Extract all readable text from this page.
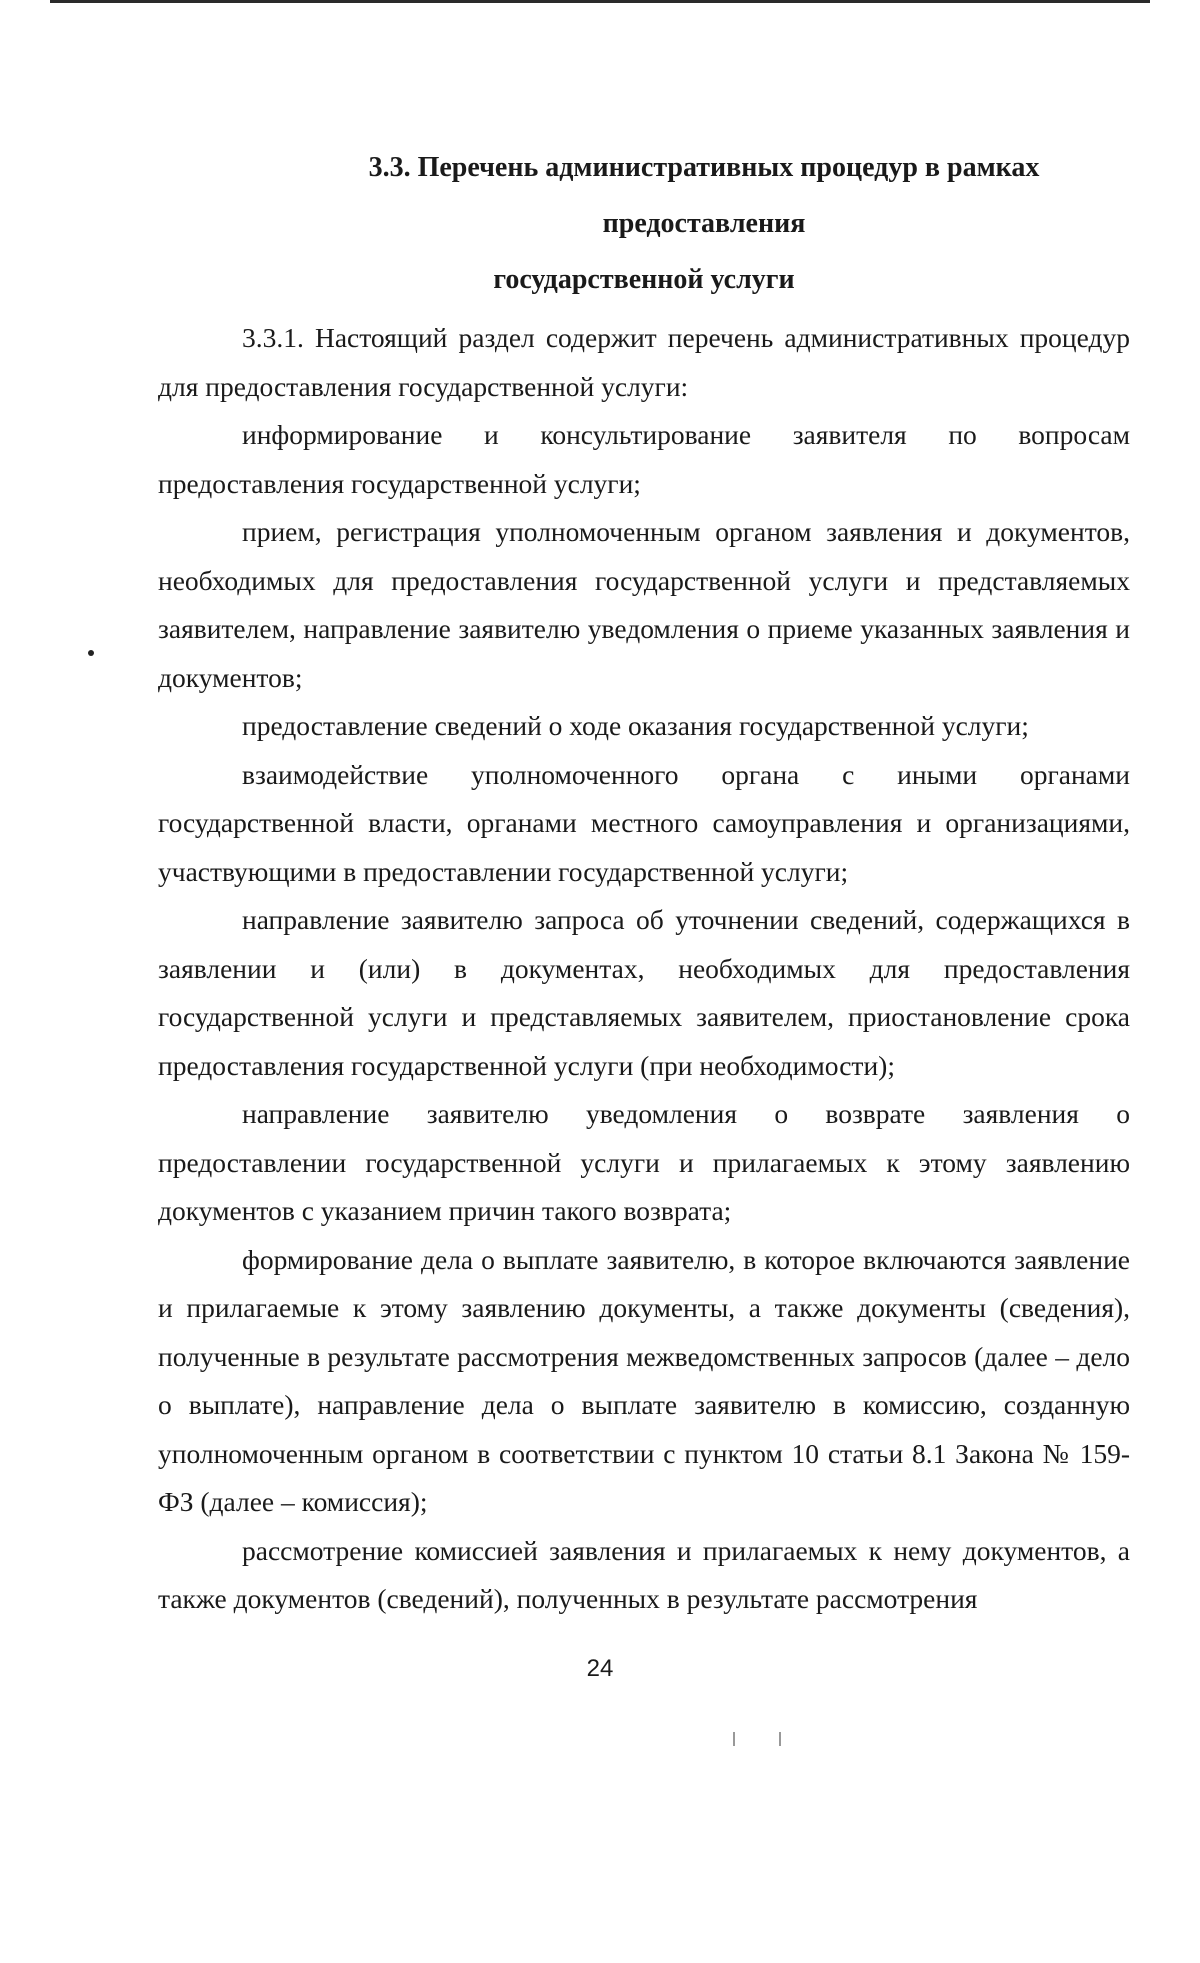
3.3. Перечень административных процедур в рамках предоставления
государственной услуги

3.3.1. Настоящий раздел содержит перечень административных процедур для предоставления государственной услуги:

информирование и консультирование заявителя по вопросам предоставления государственной услуги;

прием, регистрация уполномоченным органом заявления и документов, необходимых для предоставления государственной услуги и представляемых заявителем, направление заявителю уведомления о приеме указанных заявления и документов;

предоставление сведений о ходе оказания государственной услуги;

взаимодействие уполномоченного органа с иными органами государственной власти, органами местного самоуправления и организациями, участвующими в предоставлении государственной услуги;

направление заявителю запроса об уточнении сведений, содержащихся в заявлении и (или) в документах, необходимых для предоставления государственной услуги и представляемых заявителем, приостановление срока предоставления государственной услуги (при необходимости);

направление заявителю уведомления о возврате заявления о предоставлении государственной услуги и прилагаемых к этому заявлению документов с указанием причин такого возврата;

формирование дела о выплате заявителю, в которое включаются заявление и прилагаемые к этому заявлению документы, а также документы (сведения), полученные в результате рассмотрения межведомственных запросов (далее – дело о выплате), направление дела о выплате заявителю в комиссию, созданную уполномоченным органом в соответствии с пунктом 10 статьи 8.1 Закона № 159-ФЗ (далее – комиссия);

рассмотрение комиссией заявления и прилагаемых к нему документов, а также документов (сведений), полученных в результате рассмотрения

24
